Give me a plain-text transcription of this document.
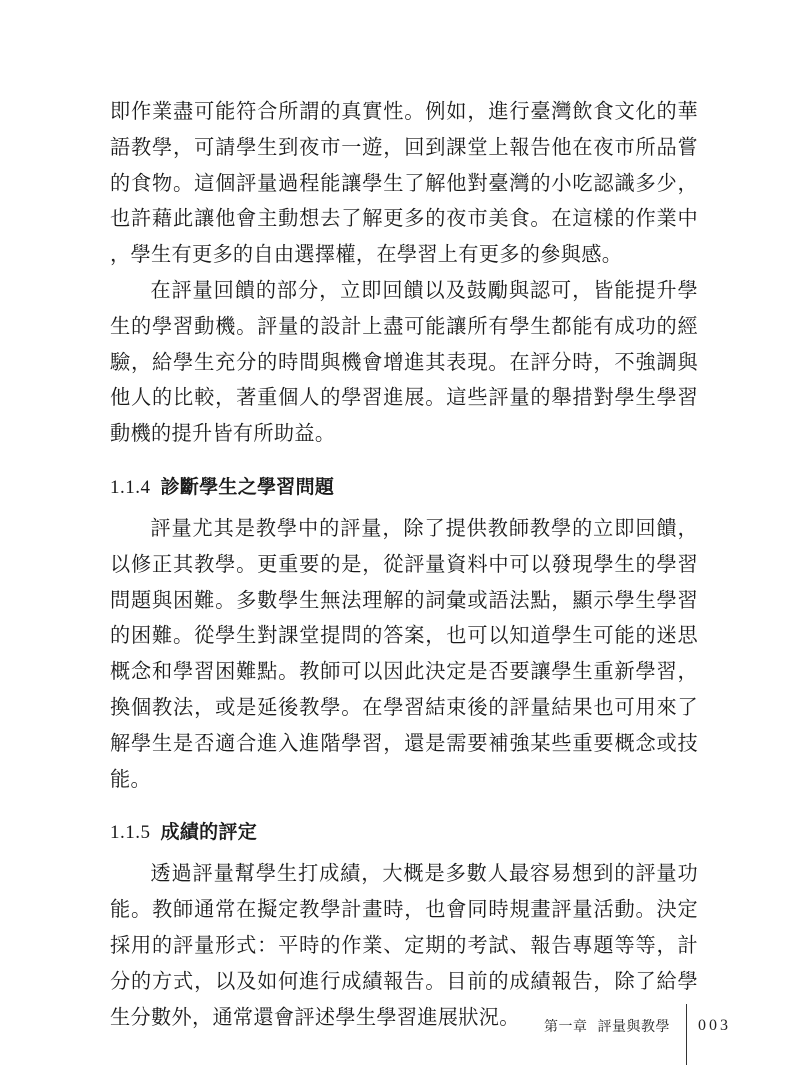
即作業盡可能符合所謂的真實性。例如，進行臺灣飲食文化的華語教學，可請學生到夜市一遊，回到課堂上報告他在夜市所品嘗的食物。這個評量過程能讓學生了解他對臺灣的小吃認識多少，也許藉此讓他會主動想去了解更多的夜市美食。在這樣的作業中，學生有更多的自由選擇權，在學習上有更多的參與感。

在評量回饋的部分，立即回饋以及鼓勵與認可，皆能提升學生的學習動機。評量的設計上盡可能讓所有學生都能有成功的經驗，給學生充分的時間與機會增進其表現。在評分時，不強調與他人的比較，著重個人的學習進展。這些評量的舉措對學生學習動機的提升皆有所助益。

1.1.4 診斷學生之學習問題

評量尤其是教學中的評量，除了提供教師教學的立即回饋，以修正其教學。更重要的是，從評量資料中可以發現學生的學習問題與困難。多數學生無法理解的詞彙或語法點，顯示學生學習的困難。從學生對課堂提問的答案，也可以知道學生可能的迷思概念和學習困難點。教師可以因此決定是否要讓學生重新學習，換個教法，或是延後教學。在學習結束後的評量結果也可用來了解學生是否適合進入進階學習，還是需要補強某些重要概念或技能。

1.1.5 成績的評定

透過評量幫學生打成績，大概是多數人最容易想到的評量功能。教師通常在擬定教學計畫時，也會同時規畫評量活動。決定採用的評量形式：平時的作業、定期的考試、報告專題等等，計分的方式，以及如何進行成績報告。目前的成績報告，除了給學生分數外，通常還會評述學生學習進展狀況。	第一章 評量與教學 003
